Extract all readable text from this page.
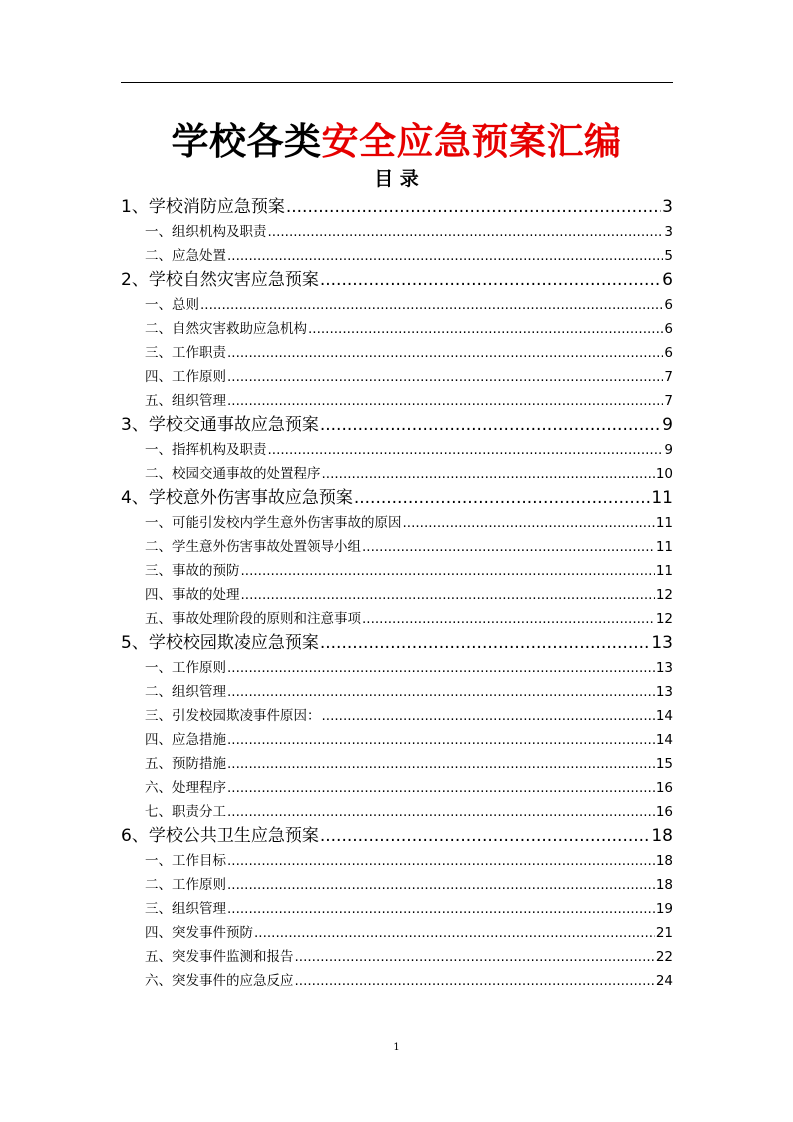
学校各类安全应急预案汇编
目 录
1、学校消防应急预案 .....	3
一、组织机构及职责 .....	3
二、应急处置 .....	5
2、学校自然灾害应急预案 .....	6
一、总则 .....	6
二、自然灾害救助应急机构 .....	6
三、工作职责 .....	6
四、工作原则 .....	7
五、组织管理 .....	7
3、学校交通事故应急预案 .....	9
一、指挥机构及职责 .....	9
二、校园交通事故的处置程序 .....	10
4、学校意外伤害事故应急预案 .....	11
一、可能引发校内学生意外伤害事故的原因 .....	11
二、学生意外伤害事故处置领导小组 .....	11
三、事故的预防 .....	11
四、事故的处理 .....	12
五、事故处理阶段的原则和注意事项 .....	12
5、学校校园欺凌应急预案 .....	13
一、工作原则 .....	13
二、组织管理 .....	13
三、引发校园欺凌事件原因： .....	14
四、应急措施 .....	14
五、预防措施 .....	15
六、处理程序 .....	16
七、职责分工 .....	16
6、学校公共卫生应急预案 .....	18
一、工作目标 .....	18
二、工作原则 .....	18
三、组织管理 .....	19
四、突发事件预防 .....	21
五、突发事件监测和报告 .....	22
六、突发事件的应急反应 .....	24
1
